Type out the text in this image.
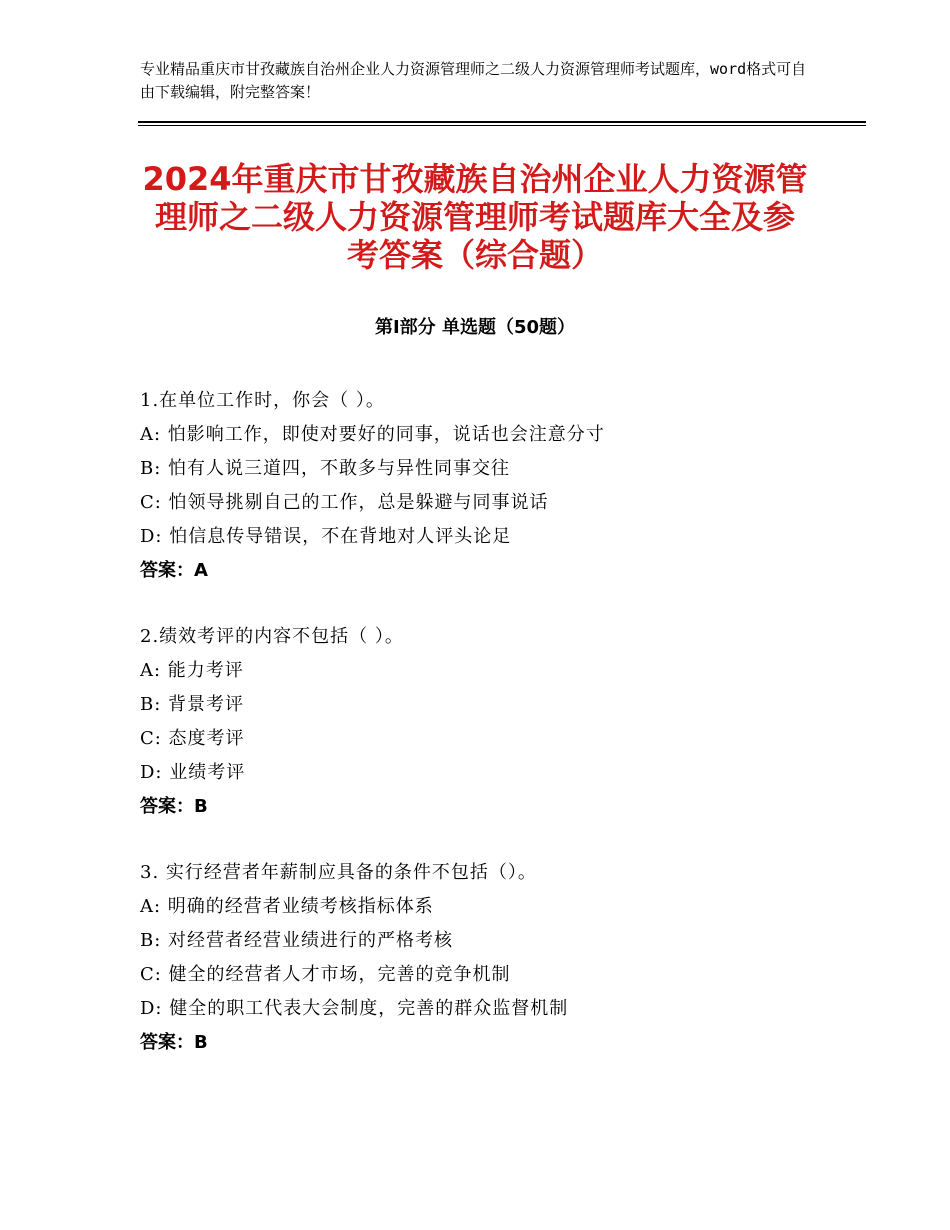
专业精品重庆市甘孜藏族自治州企业人力资源管理师之二级人力资源管理师考试题库，word格式可自由下载编辑，附完整答案！
2024年重庆市甘孜藏族自治州企业人力资源管理师之二级人力资源管理师考试题库大全及参考答案（综合题）
第Ⅰ部分 单选题（50题）
1.在单位工作时，你会（ ）。
A: 怕影响工作，即使对要好的同事，说话也会注意分寸
B: 怕有人说三道四，不敢多与异性同事交往
C: 怕领导挑剔自己的工作，总是躲避与同事说话
D: 怕信息传导错误，不在背地对人评头论足
答案：A
2.绩效考评的内容不包括（ ）。
A: 能力考评
B: 背景考评
C: 态度考评
D: 业绩考评
答案：B
3. 实行经营者年薪制应具备的条件不包括（）。
A: 明确的经营者业绩考核指标体系
B: 对经营者经营业绩进行的严格考核
C: 健全的经营者人才市场，完善的竞争机制
D: 健全的职工代表大会制度，完善的群众监督机制
答案：B
